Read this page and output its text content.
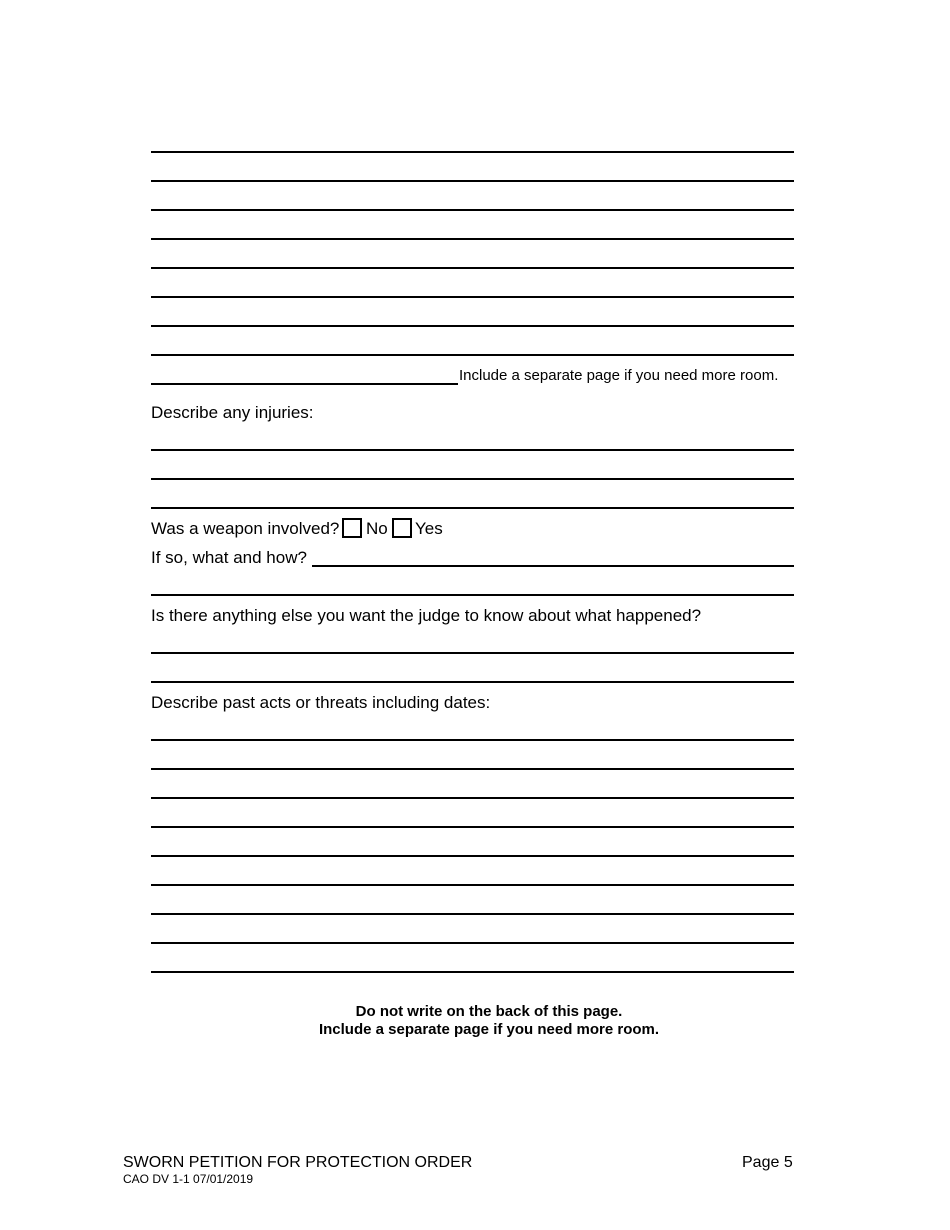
Include a separate page if you need more room.
Describe any injuries:
Was a weapon involved? No Yes
If so, what and how?
Is there anything else you want the judge to know about what happened?
Describe past acts or threats including dates:
Do not write on the back of this page.
Include a separate page if you need more room.
SWORN PETITION FOR PROTECTION ORDER
CAO DV 1-1 07/01/2019
Page 5
